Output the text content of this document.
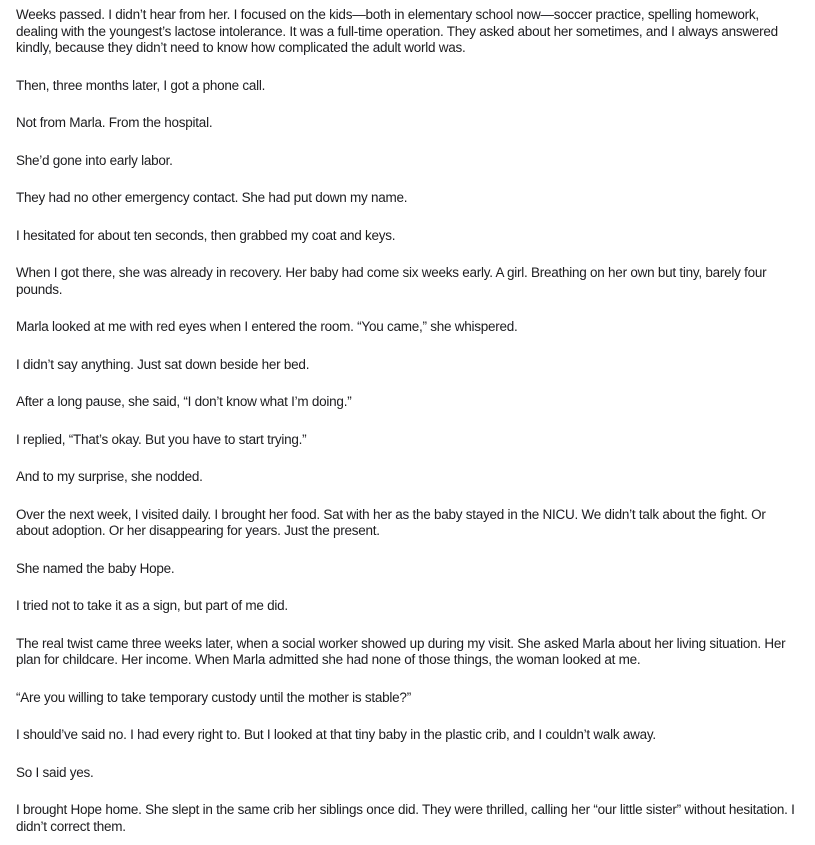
Weeks passed. I didn’t hear from her. I focused on the kids—both in elementary school now—soccer practice, spelling homework, dealing with the youngest’s lactose intolerance. It was a full-time operation. They asked about her sometimes, and I always answered kindly, because they didn’t need to know how complicated the adult world was.

Then, three months later, I got a phone call.

Not from Marla. From the hospital.

She’d gone into early labor.

They had no other emergency contact. She had put down my name.

I hesitated for about ten seconds, then grabbed my coat and keys.

When I got there, she was already in recovery. Her baby had come six weeks early. A girl. Breathing on her own but tiny, barely four pounds.

Marla looked at me with red eyes when I entered the room. “You came,” she whispered.

I didn’t say anything. Just sat down beside her bed.

After a long pause, she said, “I don’t know what I’m doing.”

I replied, “That’s okay. But you have to start trying.”

And to my surprise, she nodded.

Over the next week, I visited daily. I brought her food. Sat with her as the baby stayed in the NICU. We didn’t talk about the fight. Or about adoption. Or her disappearing for years. Just the present.

She named the baby Hope.

I tried not to take it as a sign, but part of me did.

The real twist came three weeks later, when a social worker showed up during my visit. She asked Marla about her living situation. Her plan for childcare. Her income. When Marla admitted she had none of those things, the woman looked at me.

“Are you willing to take temporary custody until the mother is stable?”

I should’ve said no. I had every right to. But I looked at that tiny baby in the plastic crib, and I couldn’t walk away.

So I said yes.

I brought Hope home. She slept in the same crib her siblings once did. They were thrilled, calling her “our little sister” without hesitation. I didn’t correct them.
